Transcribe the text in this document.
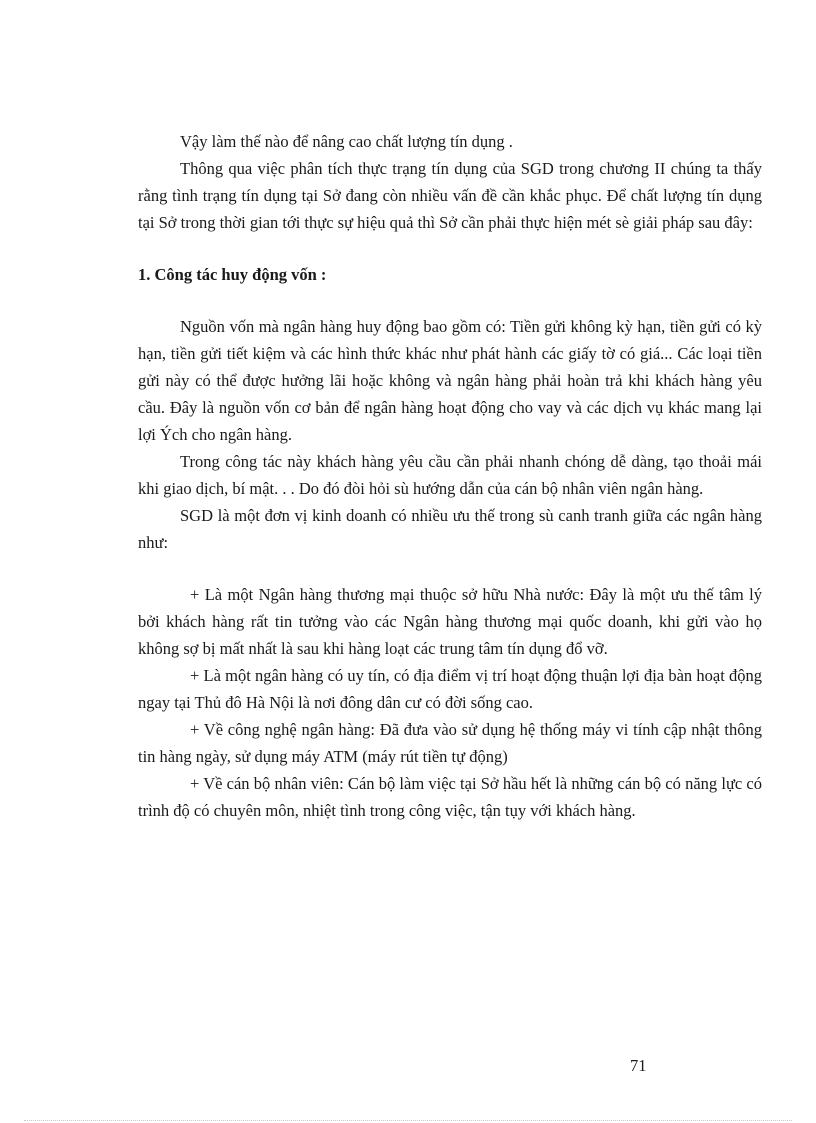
Vậy làm thế nào để nâng cao chất lượng tín dụng .

Thông qua việc phân tích thực trạng tín dụng của SGD trong chương II chúng ta thấy rằng tình trạng tín dụng tại Sở đang còn nhiều vấn đề cần khắc phục. Để chất lượng tín dụng tại Sở trong thời gian tới thực sự hiệu quả thì Sở cần phải thực hiện mét sè giải pháp sau đây:

1. Công tác huy động vốn :

Nguồn vốn mà ngân hàng huy động bao gồm có: Tiền gửi không kỳ hạn, tiền gửi có kỳ hạn, tiền gửi tiết kiệm và các hình thức khác như phát hành các giấy tờ có giá... Các loại tiền gửi này có thể được hưởng lãi hoặc không và ngân hàng phải hoàn trả khi khách hàng yêu cầu. Đây là nguồn vốn cơ bản để ngân hàng hoạt động cho vay và các dịch vụ khác mang lại lợi Ých cho ngân hàng.

Trong công tác này khách hàng yêu cầu cần phải nhanh chóng dễ dàng, tạo thoải mái khi giao dịch, bí mật. . . Do đó đòi hỏi sù hướng dẫn của cán bộ nhân viên ngân hàng.

SGD là một đơn vị kinh doanh có nhiều ưu thế trong sù canh tranh giữa các ngân hàng như:

+ Là một Ngân hàng thương mại thuộc sở hữu Nhà nước: Đây là một ưu thế tâm lý bởi khách hàng rất tin tưởng vào các Ngân hàng thương mại quốc doanh, khi gửi vào họ không sợ bị mất nhất là sau khi hàng loạt các trung tâm tín dụng đổ vỡ.

+ Là một ngân hàng có uy tín, có địa điểm vị trí hoạt động thuận lợi địa bàn hoạt động ngay tại Thủ đô Hà Nội là nơi đông dân cư có đời sống cao.

+ Về công nghệ ngân hàng: Đã đưa vào sử dụng hệ thống máy vi tính cập nhật thông tin hàng ngày, sử dụng máy ATM (máy rút tiền tự động)

+ Về cán bộ nhân viên: Cán bộ làm việc tại Sở hầu hết là những cán bộ có năng lực có trình độ có chuyên môn, nhiệt tình trong công việc, tận tụy với khách hàng.

71
